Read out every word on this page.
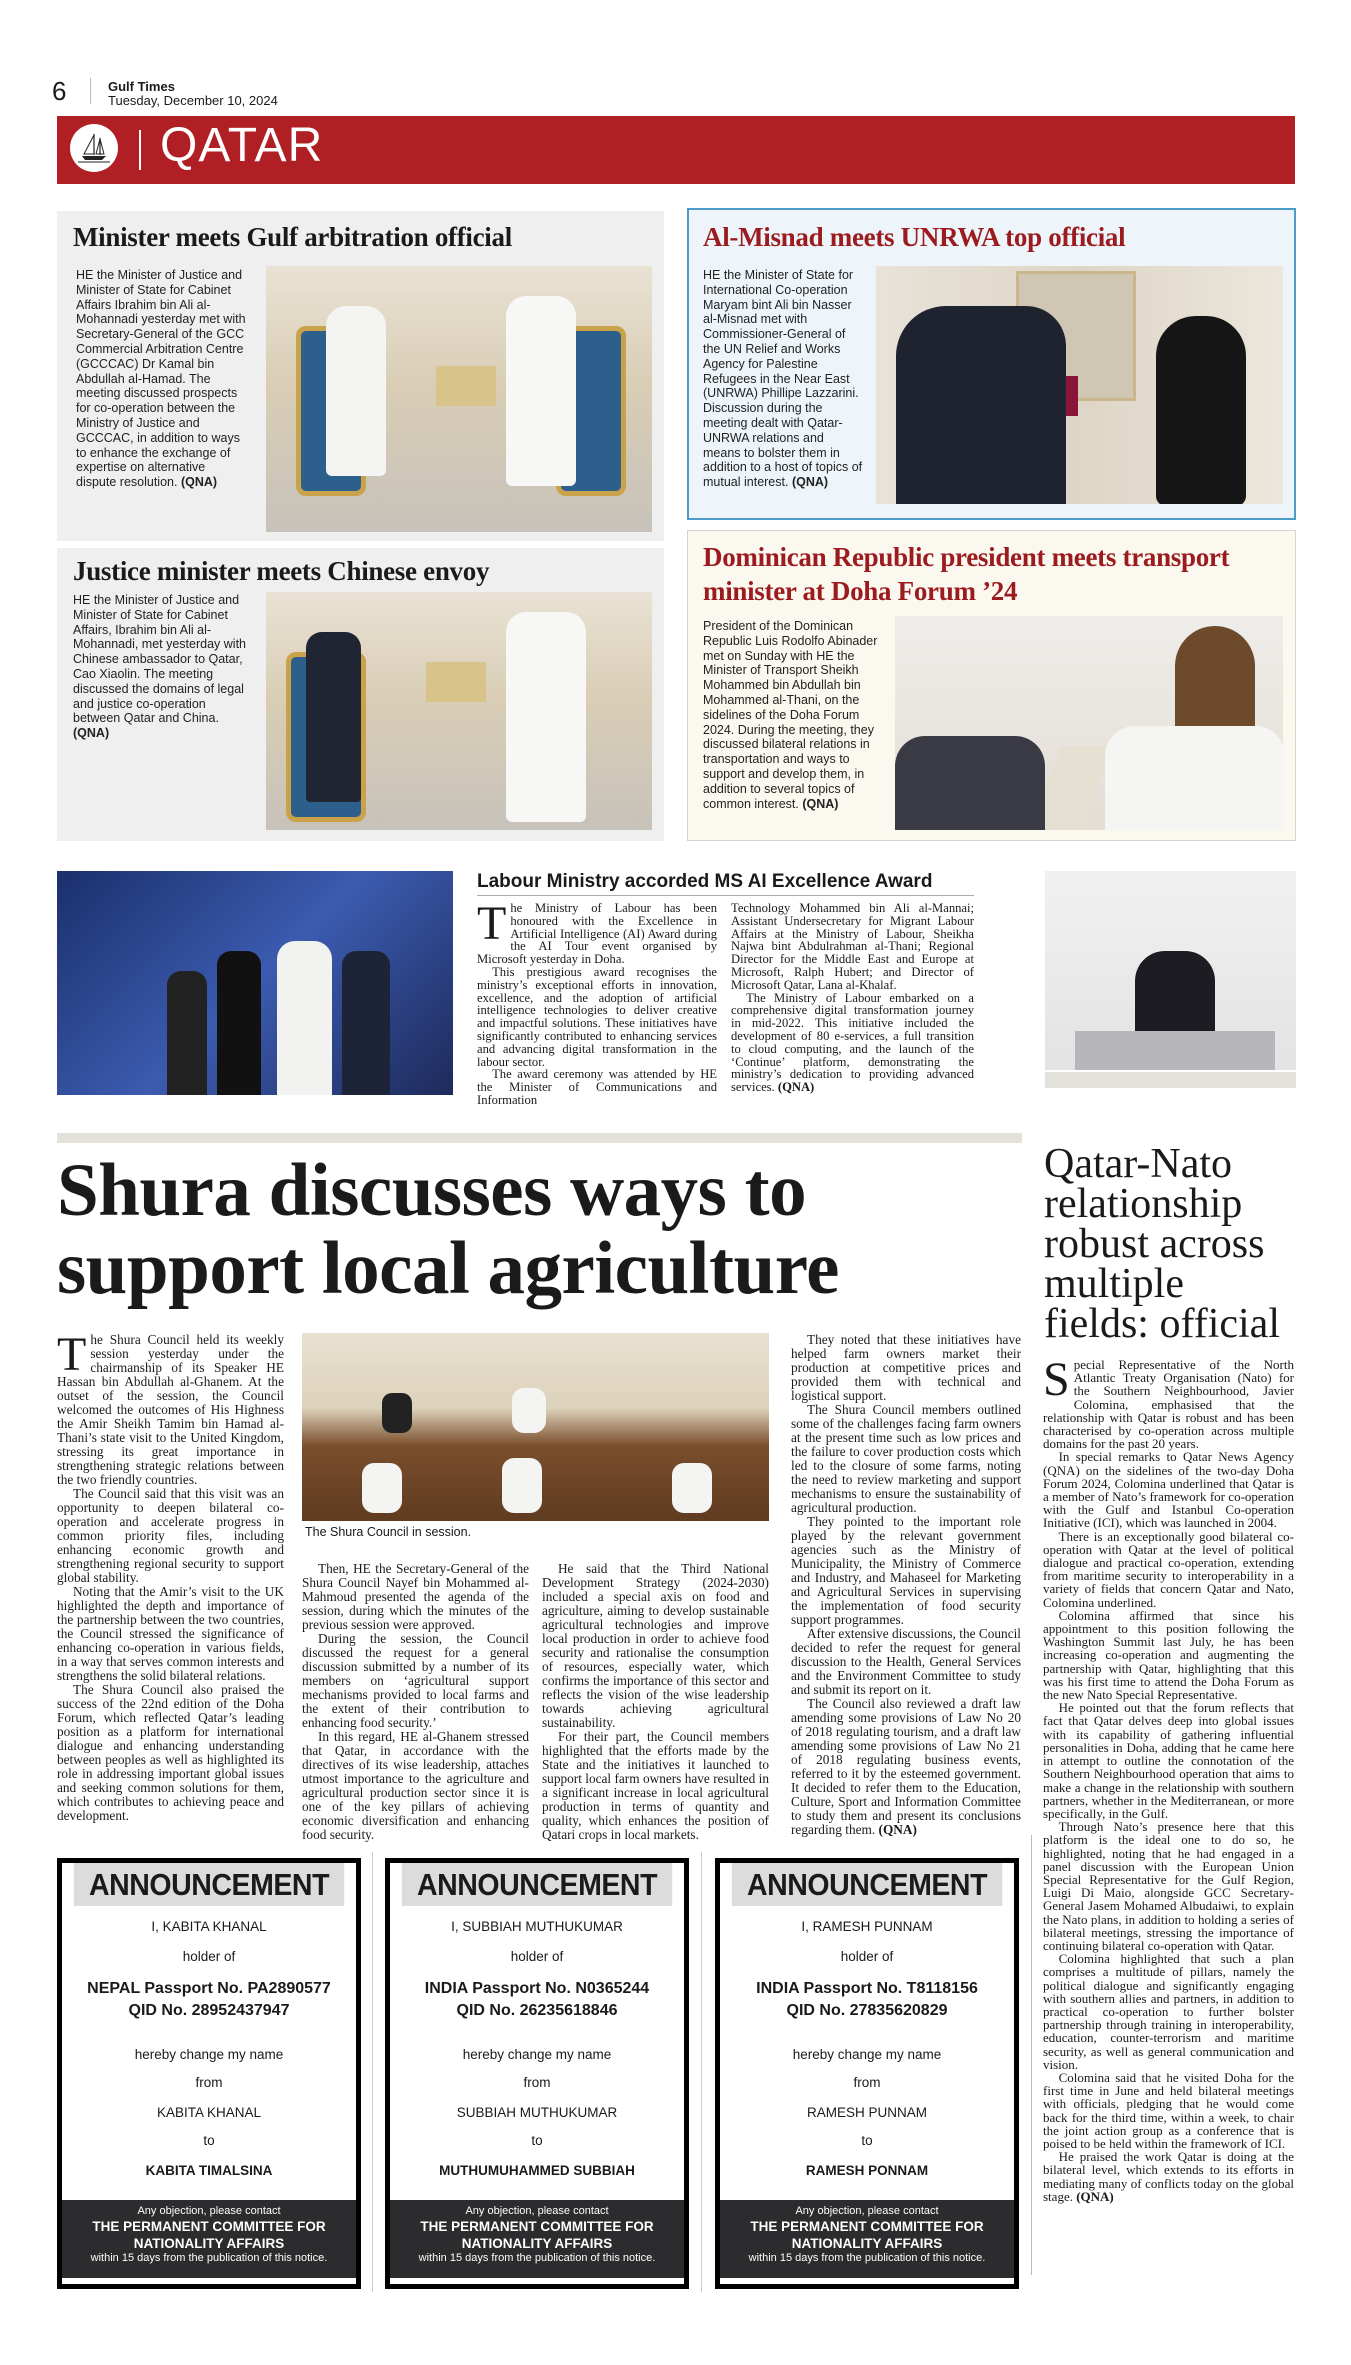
6	Gulf Times
Tuesday, December 10, 2024
QATAR
Minister meets Gulf arbitration official
HE the Minister of Justice and Minister of State for Cabinet Affairs Ibrahim bin Ali al-Mohannadi yesterday met with Secretary-General of the GCC Commercial Arbitration Centre (GCCCAC) Dr Kamal bin Abdullah al-Hamad. The meeting discussed prospects for co-operation between the Ministry of Justice and GCCCAC, in addition to ways to enhance the exchange of expertise on alternative dispute resolution. (QNA)
Justice minister meets Chinese envoy
HE the Minister of Justice and Minister of State for Cabinet Affairs, Ibrahim bin Ali al-Mohannadi, met yesterday with Chinese ambassador to Qatar, Cao Xiaolin. The meeting discussed the domains of legal and justice co-operation between Qatar and China. (QNA)
Al-Misnad meets UNRWA top official
HE the Minister of State for International Co-operation Maryam bint Ali bin Nasser al-Misnad met with Commissioner-General of the UN Relief and Works Agency for Palestine Refugees in the Near East (UNRWA) Phillipe Lazzarini. Discussion during the meeting dealt with Qatar-UNRWA relations and means to bolster them in addition to a host of topics of mutual interest. (QNA)
Dominican Republic president meets transport minister at Doha Forum ’24
President of the Dominican Republic Luis Rodolfo Abinader met on Sunday with HE the Minister of Transport Sheikh Mohammed bin Abdullah bin Mohammed al-Thani, on the sidelines of the Doha Forum 2024. During the meeting, they discussed bilateral relations in transportation and ways to support and develop them, in addition to several topics of common interest. (QNA)
Labour Ministry accorded MS AI Excellence Award

The Ministry of Labour has been honoured with the Excellence in Artificial Intelligence (AI) Award during the AI Tour event organised by Microsoft yesterday in Doha.

This prestigious award recognises the ministry’s exceptional efforts in innovation, excellence, and the adoption of artificial intelligence technologies to deliver creative and impactful solutions. These initiatives have significantly contributed to enhancing services and advancing digital transformation in the labour sector.

The award ceremony was attended by HE the Minister of Communications and Information

Technology Mohammed bin Ali al-Mannai; Assistant Undersecretary for Migrant Labour Affairs at the Ministry of Labour, Sheikha Najwa bint Abdulrahman al-Thani; Regional Director for the Middle East and Europe at Microsoft, Ralph Hubert; and Director of Microsoft Qatar, Lana al-Khalaf.

The Ministry of Labour embarked on a comprehensive digital transformation journey in mid-2022. This initiative included the development of 80 e-services, a full transition to cloud computing, and the launch of the ‘Continue’ platform, demonstrating the ministry’s dedication to providing advanced services. (QNA)

Shura discusses ways to support local agriculture

The Shura Council held its weekly session yesterday under the chairmanship of its Speaker HE Hassan bin Abdullah al-Ghanem. At the outset of the session, the Council welcomed the outcomes of His Highness the Amir Sheikh Tamim bin Hamad al-Thani’s state visit to the United Kingdom, stressing its great importance in strengthening strategic relations between the two friendly countries.

The Council said that this visit was an opportunity to deepen bilateral co-operation and accelerate progress in common priority files, including enhancing economic growth and strengthening regional security to support global stability.

Noting that the Amir’s visit to the UK highlighted the depth and importance of the partnership between the two countries, the Council stressed the significance of enhancing co-operation in various fields, in a way that serves common interests and strengthens the solid bilateral relations.

The Shura Council also praised the success of the 22nd edition of the Doha Forum, which reflected Qatar’s leading position as a platform for international dialogue and enhancing understanding between peoples as well as highlighted its role in addressing important global issues and seeking common solutions for them, which contributes to achieving peace and development.

The Shura Council in session.

Then, HE the Secretary-General of the Shura Council Nayef bin Mohammed al-Mahmoud presented the agenda of the session, during which the minutes of the previous session were approved.

During the session, the Council discussed the request for a general discussion submitted by a number of its members on ‘agricultural support mechanisms provided to local farms and the extent of their contribution to enhancing food security.’

In this regard, HE al-Ghanem stressed that Qatar, in accordance with the directives of its wise leadership, attaches utmost importance to the agriculture and agricultural production sector since it is one of the key pillars of achieving economic diversification and enhancing food security.

He said that the Third National Development Strategy (2024-2030) included a special axis on food and agriculture, aiming to develop sustainable agricultural technologies and improve local production in order to achieve food security and rationalise the consumption of resources, especially water, which confirms the importance of this sector and reflects the vision of the wise leadership towards achieving agricultural sustainability.

For their part, the Council members highlighted that the efforts made by the State and the initiatives it launched to support local farm owners have resulted in a significant increase in local agricultural production in terms of quantity and quality, which enhances the position of Qatari crops in local markets.

They noted that these initiatives have helped farm owners market their production at competitive prices and provided them with technical and logistical support.

The Shura Council members outlined some of the challenges facing farm owners at the present time such as low prices and the failure to cover production costs which led to the closure of some farms, noting the need to review marketing and support mechanisms to ensure the sustainability of agricultural production.

They pointed to the important role played by the relevant government agencies such as the Ministry of Municipality, the Ministry of Commerce and Industry, and Mahaseel for Marketing and Agricultural Services in supervising the implementation of food security support programmes.

After extensive discussions, the Council decided to refer the request for general discussion to the Health, General Services and the Environment Committee to study and submit its report on it.

The Council also reviewed a draft law amending some provisions of Law No 20 of 2018 regulating tourism, and a draft law amending some provisions of Law No 21 of 2018 regulating business events, referred to it by the esteemed government. It decided to refer them to the Education, Culture, Sport and Information Committee to study them and present its conclusions regarding them. (QNA)

ANNOUNCEMENT
I, KABITA KHANAL
holder of
NEPAL Passport No. PA2890577
QID No. 28952437947
hereby change my name
from
KABITA KHANAL
to
KABITA TIMALSINA
Any objection, please contact
THE PERMANENT COMMITTEE FOR
NATIONALITY AFFAIRS
within 15 days from the publication of this notice.
ANNOUNCEMENT
I, SUBBIAH MUTHUKUMAR
holder of
INDIA Passport No. N0365244
QID No. 26235618846
hereby change my name
from
SUBBIAH MUTHUKUMAR
to
MUTHUMUHAMMED SUBBIAH
Any objection, please contact
THE PERMANENT COMMITTEE FOR
NATIONALITY AFFAIRS
within 15 days from the publication of this notice.
ANNOUNCEMENT
I, RAMESH PUNNAM
holder of
INDIA Passport No. T8118156
QID No. 27835620829
hereby change my name
from
RAMESH PUNNAM
to
RAMESH PONNAM
Any objection, please contact
THE PERMANENT COMMITTEE FOR
NATIONALITY AFFAIRS
within 15 days from the publication of this notice.
Qatar-Nato relationship robust across multiple fields: official

Special Representative of the North Atlantic Treaty Organisation (Nato) for the Southern Neighbourhood, Javier Colomina, emphasised that the relationship with Qatar is robust and has been characterised by co-operation across multiple domains for the past 20 years.

In special remarks to Qatar News Agency (QNA) on the sidelines of the two-day Doha Forum 2024, Colomina underlined that Qatar is a member of Nato’s framework for co-operation with the Gulf and Istanbul Co-operation Initiative (ICI), which was launched in 2004.

There is an exceptionally good bilateral co-operation with Qatar at the level of political dialogue and practical co-operation, extending from maritime security to interoperability in a variety of fields that concern Qatar and Nato, Colomina underlined.

Colomina affirmed that since his appointment to this position following the Washington Summit last July, he has been increasing co-operation and augmenting the partnership with Qatar, highlighting that this was his first time to attend the Doha Forum as the new Nato Special Representative.

He pointed out that the forum reflects that fact that Qatar delves deep into global issues with its capability of gathering influential personalities in Doha, adding that he came here in attempt to outline the connotation of the Southern Neighbourhood operation that aims to make a change in the relationship with southern partners, whether in the Mediterranean, or more specifically, in the Gulf.

Through Nato’s presence here that this platform is the ideal one to do so, he highlighted, noting that he had engaged in a panel discussion with the European Union Special Representative for the Gulf Region, Luigi Di Maio, alongside GCC Secretary-General Jasem Mohamed Albudaiwi, to explain the Nato plans, in addition to holding a series of bilateral meetings, stressing the importance of continuing bilateral co-operation with Qatar.

Colomina highlighted that such a plan comprises a multitude of pillars, namely the political dialogue and significantly engaging with southern allies and partners, in addition to practical co-operation to further bolster partnership through training in interoperability, education, counter-terrorism and maritime security, as well as general communication and vision.

Colomina said that he visited Doha for the first time in June and held bilateral meetings with officials, pledging that he would come back for the third time, within a week, to chair the joint action group as a conference that is poised to be held within the framework of ICI.

He praised the work Qatar is doing at the bilateral level, which extends to its efforts in mediating many of conflicts today on the global stage. (QNA)
